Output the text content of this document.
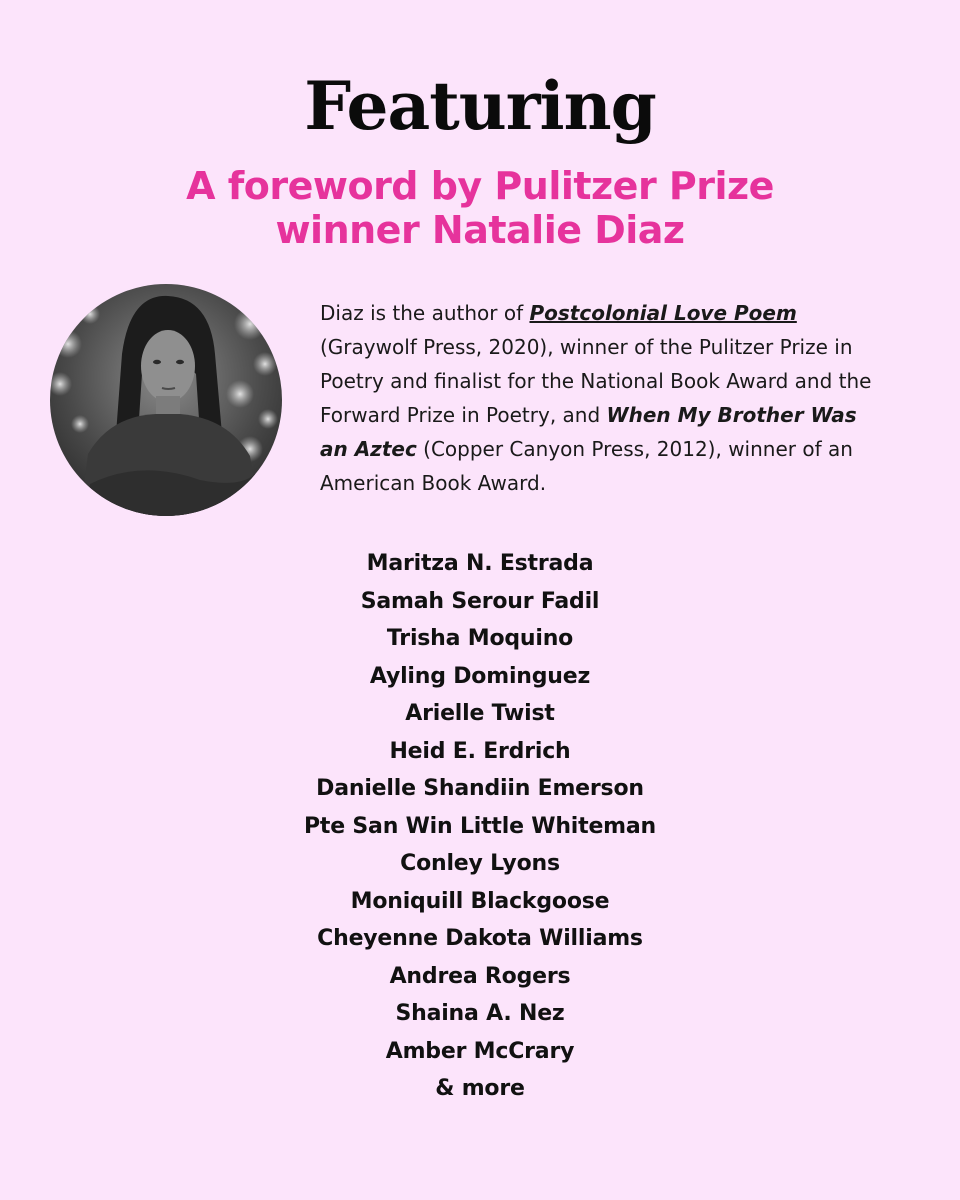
Featuring
A foreword by Pulitzer Prize winner Natalie Diaz

Diaz is the author of Postcolonial Love Poem (Graywolf Press, 2020), winner of the Pulitzer Prize in Poetry and finalist for the National Book Award and the Forward Prize in Poetry, and When My Brother Was an Aztec (Copper Canyon Press, 2012), winner of an American Book Award.

Maritza N. Estrada
Samah Serour Fadil
Trisha Moquino
Ayling Dominguez
Arielle Twist
Heid E. Erdrich
Danielle Shandiin Emerson
Pte San Win Little Whiteman
Conley Lyons
Moniquill Blackgoose
Cheyenne Dakota Williams
Andrea Rogers
Shaina A. Nez
Amber McCrary
& more
